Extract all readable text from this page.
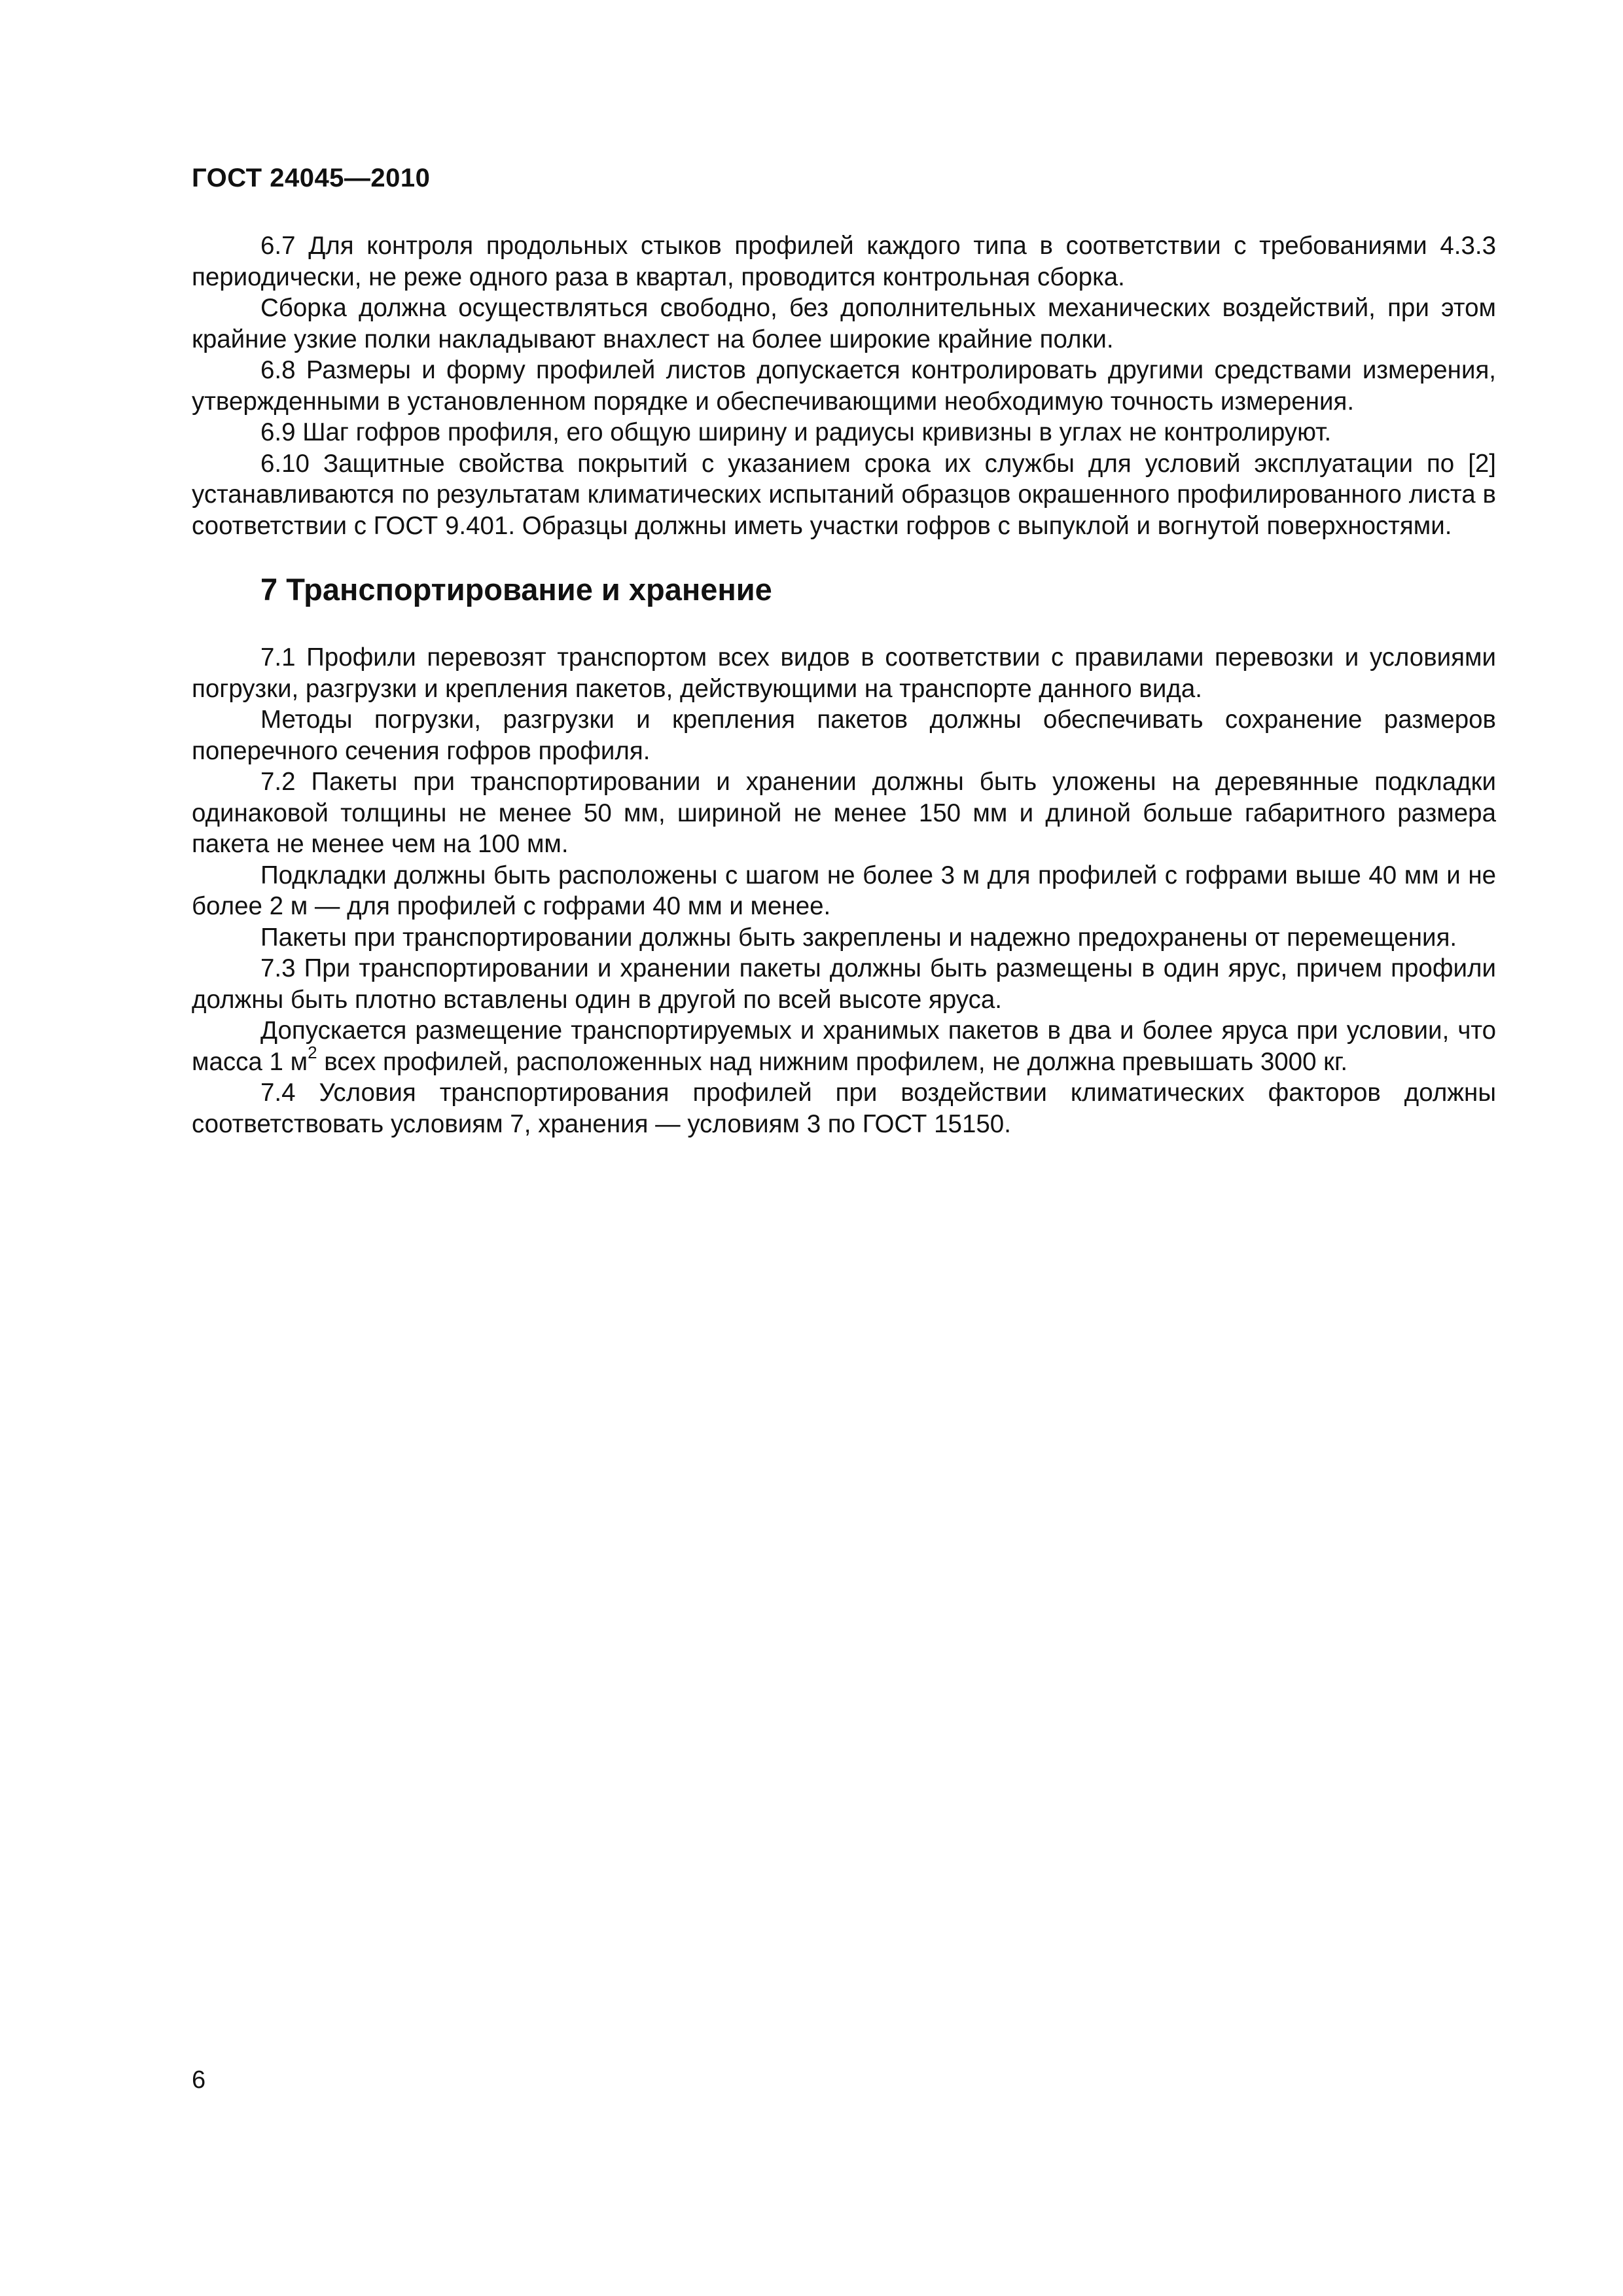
ГОСТ 24045—2010

6.7 Для контроля продольных стыков профилей каждого типа в соответствии с требованиями 4.3.3 периодически, не реже одного раза в квартал, проводится контрольная сборка.

Сборка должна осуществляться свободно, без дополнительных механических воздействий, при этом крайние узкие полки накладывают внахлест на более широкие крайние полки.

6.8 Размеры и форму профилей листов допускается контролировать другими средствами измерения, утвержденными в установленном порядке и обеспечивающими необходимую точность измерения.

6.9 Шаг гофров профиля, его общую ширину и радиусы кривизны в углах не контролируют.

6.10 Защитные свойства покрытий с указанием срока их службы для условий эксплуатации по [2] устанавливаются по результатам климатических испытаний образцов окрашенного профилированного листа в соответствии с ГОСТ 9.401. Образцы должны иметь участки гофров с выпуклой и вогнутой поверхностями.

7 Транспортирование и хранение

7.1 Профили перевозят транспортом всех видов в соответствии с правилами перевозки и условиями погрузки, разгрузки и крепления пакетов, действующими на транспорте данного вида.

Методы погрузки, разгрузки и крепления пакетов должны обеспечивать сохранение размеров поперечного сечения гофров профиля.

7.2 Пакеты при транспортировании и хранении должны быть уложены на деревянные подкладки одинаковой толщины не менее 50 мм, шириной не менее 150 мм и длиной больше габаритного размера пакета не менее чем на 100 мм.

Подкладки должны быть расположены с шагом не более 3 м для профилей с гофрами выше 40 мм и не более 2 м — для профилей с гофрами 40 мм и менее.

Пакеты при транспортировании должны быть закреплены и надежно предохранены от перемещения.

7.3 При транспортировании и хранении пакеты должны быть размещены в один ярус, причем профили должны быть плотно вставлены один в другой по всей высоте яруса.

Допускается размещение транспортируемых и хранимых пакетов в два и более яруса при условии, что масса 1 $м^2$ всех профилей, расположенных над нижним профилем, не должна превышать 3000 кг.

7.4 Условия транспортирования профилей при воздействии климатических факторов должны соответствовать условиям 7, хранения — условиям 3 по ГОСТ 15150.

6
